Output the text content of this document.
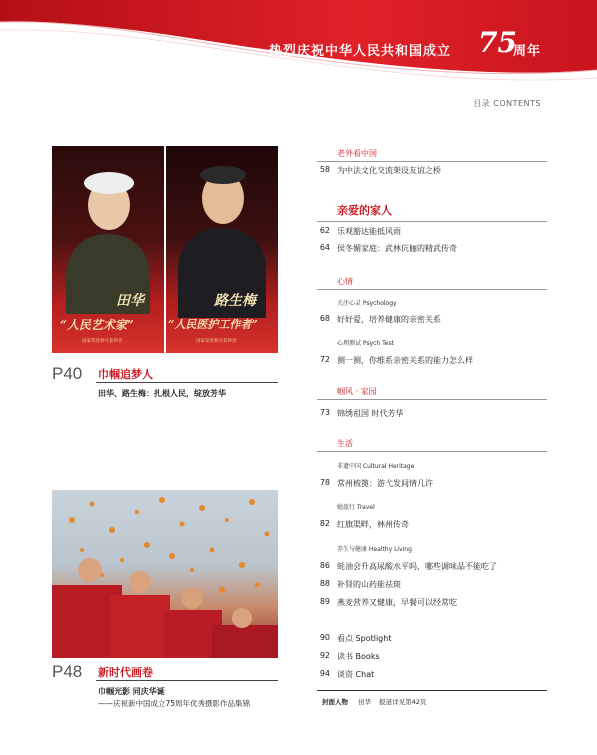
热烈庆祝中华人民共和国成立 75
周年
目录 CONTENTS
田华
“人民艺术家”
国家荣誉称号获得者
路生梅
“人民医护工作者”
国家荣誉称号获得者
P40 巾帼追梦人
田华、路生梅：扎根人民，绽放芳华
P48 新时代画卷
巾帼光影 同庆华诞
——庆祝新中国成立75周年优秀摄影作品集锦
老外看中国
58 为中法文化交流架设友谊之桥
亲爱的家人
62 乐观豁达能抵风雨
64 侯冬媚家庭：武林伉俪的精武传奇
心情
关注心灵 Psychology
68 好好爱，培养健康的亲密关系
心理测试 Psych Test
72 测一测，你维系亲密关系的能力怎么样
帼风 · 家园
73 锦绣祖国 时代芳华
生活
非遗中国 Cultural Heritage
78 常州梳篦：游弋发间情几许
她旅行 Travel
82 红旗渠畔，林州传奇
养生与健康 Healthy Living
86 蚝油会升高尿酸水平吗，哪些调味品不能吃了
88 补肾的山药能祛斑
89 燕麦营养又健康，早餐可以经常吃
90 看点 Spotlight
92 读书 Books
94 谈资 Chat
封面人物 田华 报道详见第42页
